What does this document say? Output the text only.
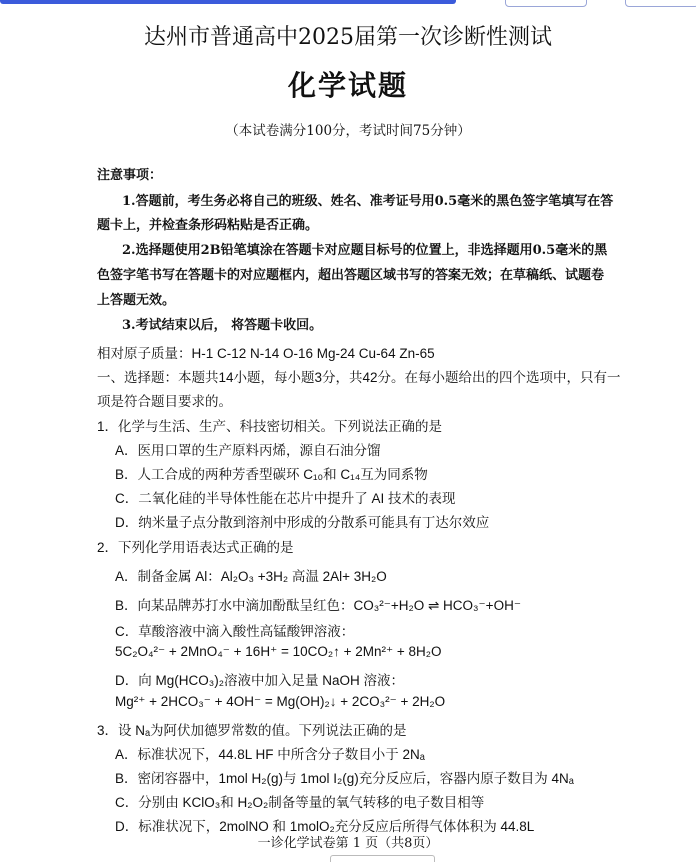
达州市普通高中2025届第一次诊断性测试
化学试题
（本试卷满分100分，考试时间75分钟）
注意事项：
1.答题前，考生务必将自己的班级、姓名、准考证号用0.5毫米的黑色签字笔填写在答
题卡上，并检查条形码粘贴是否正确。
2.选择题使用2B铅笔填涂在答题卡对应题目标号的位置上，非选择题用0.5毫米的黑
色签字笔书写在答题卡的对应题框内，超出答题区域书写的答案无效；在草稿纸、试题卷
上答题无效。
3.考试结束以后， 将答题卡收回。
相对原子质量：H-1 C-12 N-14 O-16 Mg-24 Cu-64 Zn-65
一、选择题：本题共14小题，每小题3分，共42分。在每小题给出的四个选项中，只有一
项是符合题目要求的。
1．化学与生活、生产、科技密切相关。下列说法正确的是
A．医用口罩的生产原料丙烯，源自石油分馏
B．人工合成的两种芳香型碳环 C₁₀和 C₁₄互为同系物
C．二氧化硅的半导体性能在芯片中提升了 AI 技术的表现
D．纳米量子点分散到溶剂中形成的分散系可能具有丁达尔效应
2．下列化学用语表达式正确的是
A．制备金属 Al：Al₂O₃ +3H₂ 高温 2Al+ 3H₂O
B．向某品牌苏打水中滴加酚酞呈红色：CO₃²⁻+H₂O ⇌ HCO₃⁻+OH⁻
C．草酸溶液中滴入酸性高锰酸钾溶液：
5C₂O₄²⁻ + 2MnO₄⁻ + 16H⁺ = 10CO₂↑ + 2Mn²⁺ + 8H₂O
D．向 Mg(HCO₃)₂溶液中加入足量 NaOH 溶液：
Mg²⁺ + 2HCO₃⁻ + 4OH⁻ = Mg(OH)₂↓ + 2CO₃²⁻ + 2H₂O
3．设 Nₐ为阿伏加德罗常数的值。下列说法正确的是
A．标准状况下，44.8L HF 中所含分子数目小于 2Nₐ
B．密闭容器中，1mol H₂(g)与 1mol I₂(g)充分反应后，容器内原子数目为 4Nₐ
C．分别由 KClO₃和 H₂O₂制备等量的氧气转移的电子数目相等
D．标准状况下，2molNO 和 1molO₂充分反应后所得气体体积为 44.8L
一诊化学试卷第 1 页（共8页）
